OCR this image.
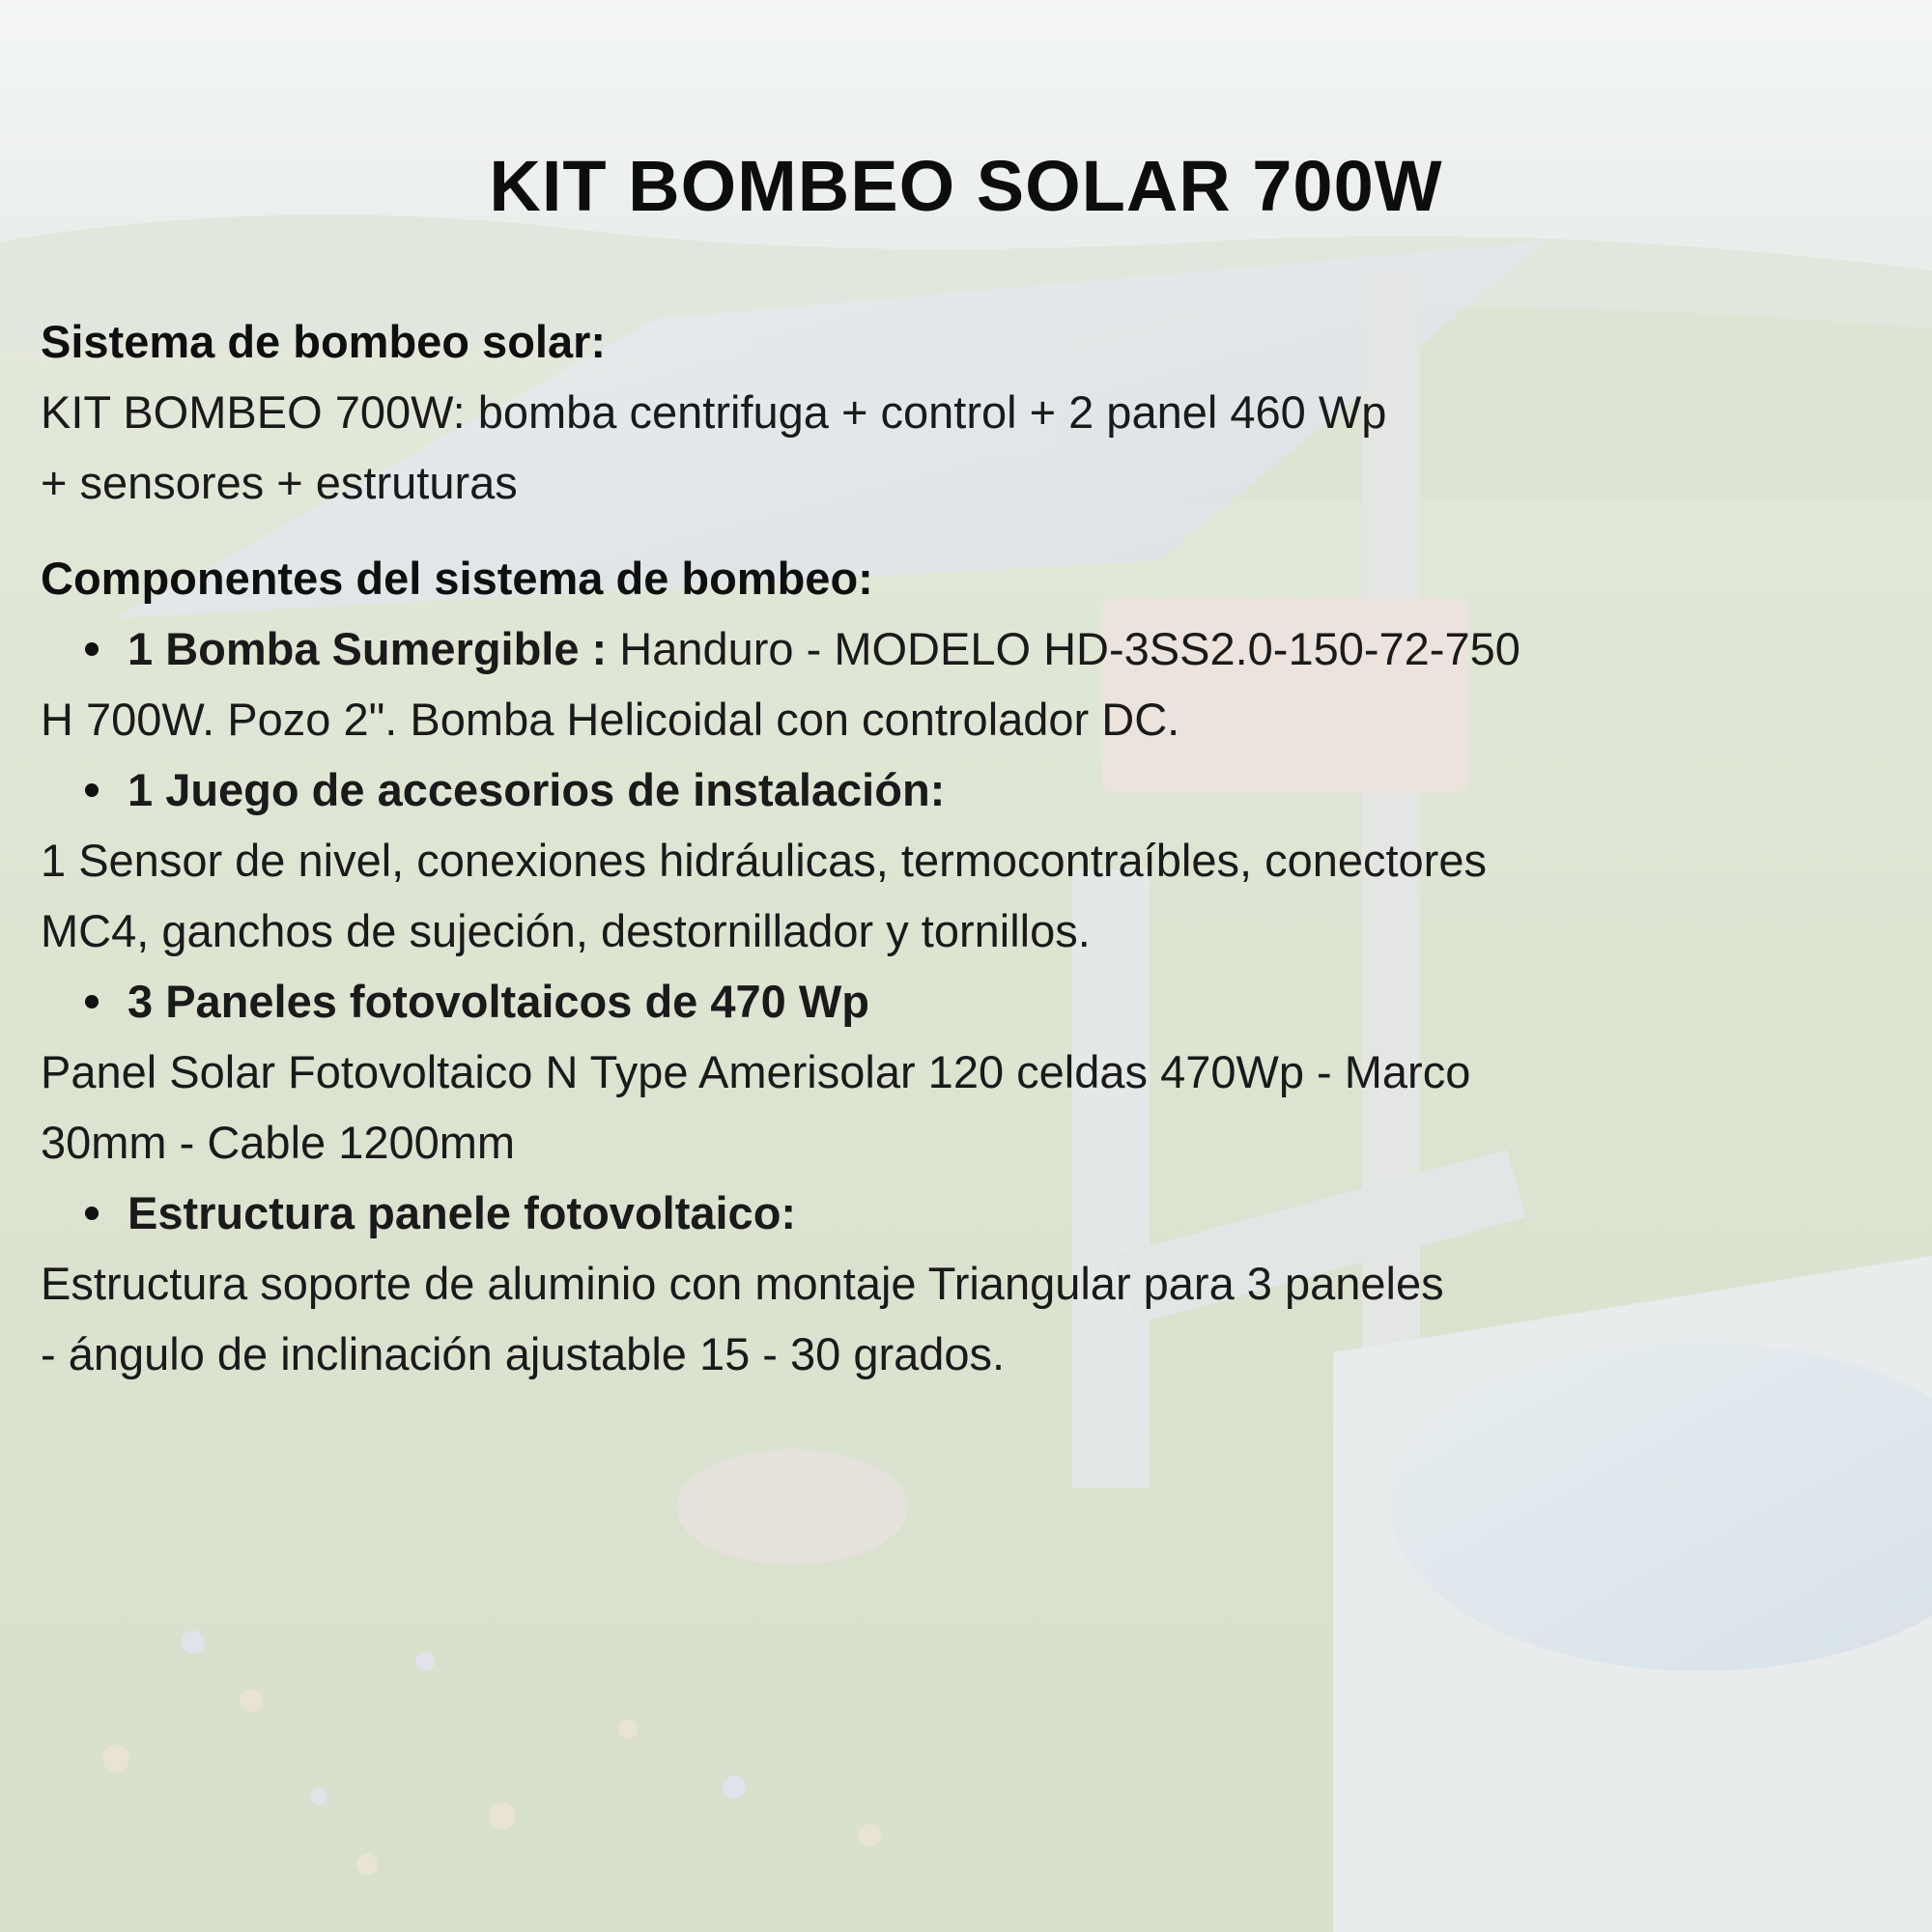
KIT BOMBEO SOLAR 700W
Sistema de bombeo solar:
KIT BOMBEO 700W: bomba centrifuga + control + 2 panel 460 Wp
+ sensores + estruturas
Componentes del sistema de bombeo:
1 Bomba Sumergible : Handuro - MODELO HD-3SS2.0-150-72-750
H 700W. Pozo 2". Bomba Helicoidal con controlador DC.
1 Juego de accesorios de instalación:
1 Sensor de nivel, conexiones hidráulicas, termocontraíbles, conectores
MC4, ganchos de sujeción, destornillador y tornillos.
3 Paneles fotovoltaicos de 470 Wp
Panel Solar Fotovoltaico N Type Amerisolar 120 celdas 470Wp - Marco
30mm - Cable 1200mm
Estructura panele fotovoltaico:
Estructura soporte de aluminio con montaje Triangular para 3 paneles
- ángulo de inclinación ajustable 15 - 30 grados.
